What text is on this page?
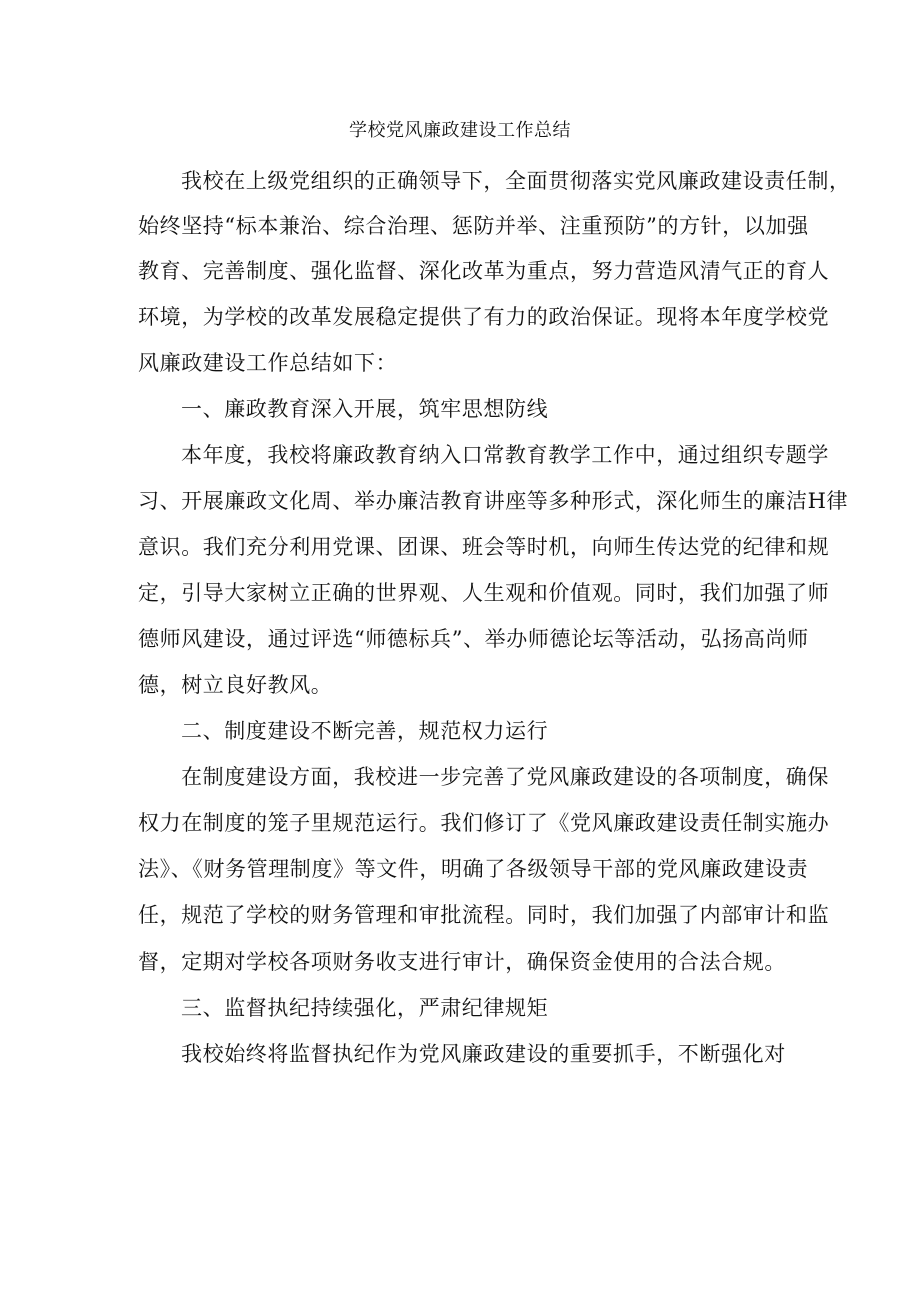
学校党风廉政建设工作总结
我校在上级党组织的正确领导下，全面贯彻落实党风廉政建设责任制，
始终坚持“标本兼治、综合治理、惩防并举、注重预防”的方针，以加强
教育、完善制度、强化监督、深化改革为重点，努力营造风清气正的育人
环境，为学校的改革发展稳定提供了有力的政治保证。现将本年度学校党
风廉政建设工作总结如下：
一、廉政教育深入开展，筑牢思想防线
本年度，我校将廉政教育纳入口常教育教学工作中，通过组织专题学
习、开展廉政文化周、举办廉洁教育讲座等多种形式，深化师生的廉洁H律
意识。我们充分利用党课、团课、班会等时机，向师生传达党的纪律和规
定，引导大家树立正确的世界观、人生观和价值观。同时，我们加强了师
德师风建设，通过评选“师德标兵”、举办师德论坛等活动，弘扬高尚师
德，树立良好教风。
二、制度建设不断完善，规范权力运行
在制度建设方面，我校进一步完善了党风廉政建设的各项制度，确保
权力在制度的笼子里规范运行。我们修订了《党风廉政建设责任制实施办
法》、《财务管理制度》等文件，明确了各级领导干部的党风廉政建设责
任，规范了学校的财务管理和审批流程。同时，我们加强了内部审计和监
督，定期对学校各项财务收支进行审计，确保资金使用的合法合规。
三、监督执纪持续强化，严肃纪律规矩
我校始终将监督执纪作为党风廉政建设的重要抓手，不断强化对
